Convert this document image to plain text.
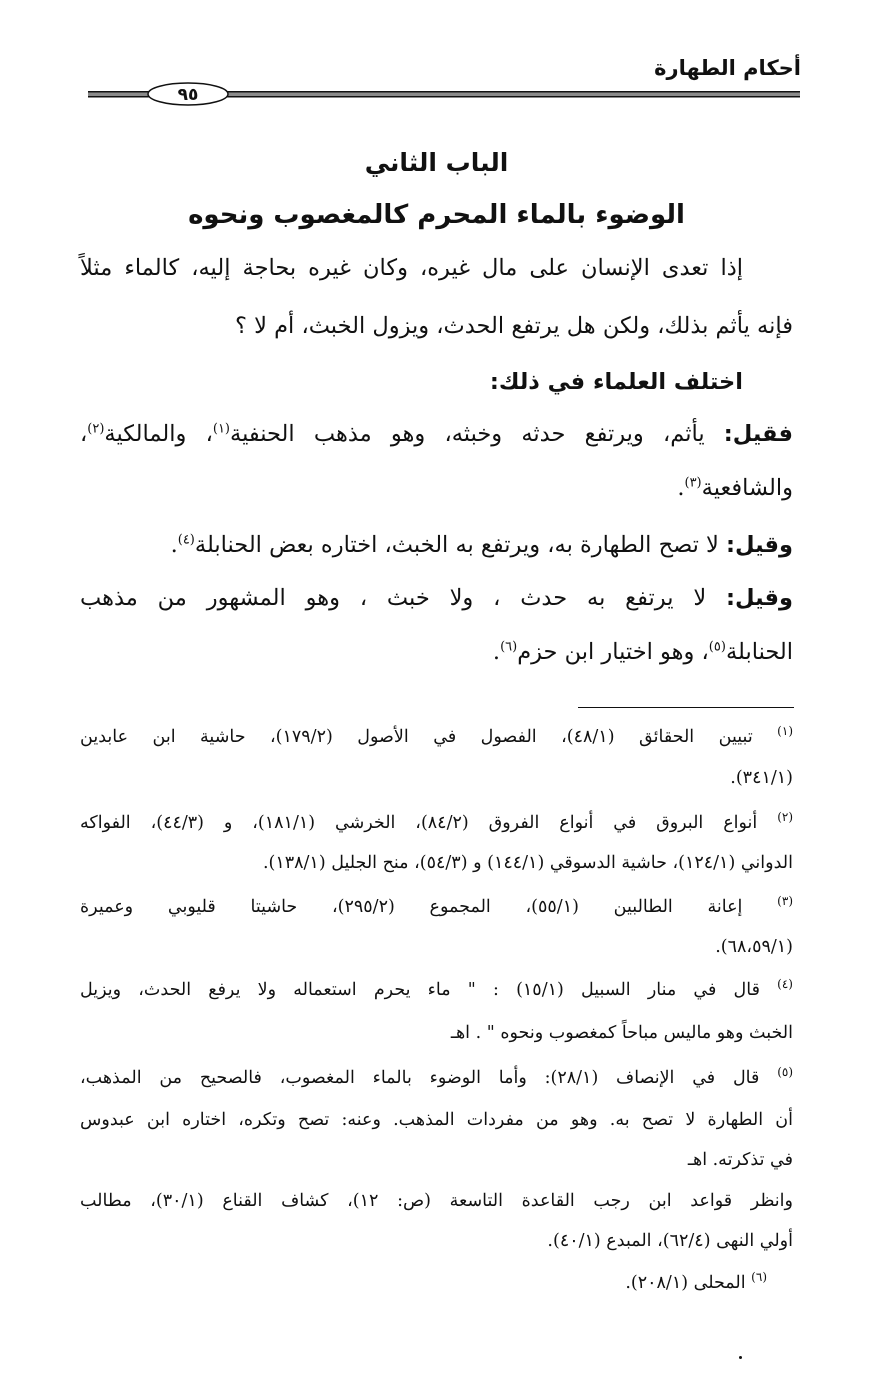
أحكام الطهارة
٩٥
الباب الثاني
الوضوء بالماء المحرم كالمغصوب ونحوه
إذا تعدى الإنسان على مال غيره، وكان غيره بحاجة إليه، كالماء مثلاً
فإنه يأثم بذلك، ولكن هل يرتفع الحدث، ويزول الخبث، أم لا ؟
اختلف العلماء في ذلك:
فقيل: يأثم، ويرتفع حدثه وخبثه، وهو مذهب الحنفية$^{(١)}$، والمالكية$^{(٢)}$،
والشافعية$^{(٣)}$.
وقيل: لا تصح الطهارة به، ويرتفع به الخبث، اختاره بعض الحنابلة$^{(٤)}$.
وقيل: لا يرتفع به حدث ، ولا خبث ، وهو المشهور من مذهب
الحنابلة$^{(٥)}$، وهو اختيار ابن حزم$^{(٦)}$.
$^{(١)}$ تبيين الحقائق (٤٨/١)، الفصول في الأصول (١٧٩/٢)، حاشية ابن عابدين
(٣٤١/١).
$^{(٢)}$ أنواع البروق في أنواع الفروق (٨٤/٢)، الخرشي (١٨١/١)، و (٤٤/٣)، الفواكه
الدواني (١٢٤/١)، حاشية الدسوقي (١٤٤/١) و (٥٤/٣)، منح الجليل (١٣٨/١).
$^{(٣)}$ إعانة الطالبين (٥٥/١)، المجموع (٢٩٥/٢)، حاشيتا قليوبي وعميرة
(٦٨،٥٩/١).
$^{(٤)}$ قال في منار السبيل (١٥/١) : " ماء يحرم استعماله ولا يرفع الحدث، ويزيل
الخبث وهو ماليس مباحاً كمغصوب ونحوه " . اهـ
$^{(٥)}$ قال في الإنصاف (٢٨/١): وأما الوضوء بالماء المغصوب، فالصحيح من المذهب،
أن الطهارة لا تصح به. وهو من مفردات المذهب. وعنه: تصح وتكره، اختاره ابن عبدوس
في تذكرته. اهـ
وانظر قواعد ابن رجب القاعدة التاسعة (ص: ١٢)، كشاف القناع (٣٠/١)، مطالب
أولي النهى (٦٢/٤)، المبدع (٤٠/١).
$^{(٦)}$ المحلى (٢٠٨/١).
